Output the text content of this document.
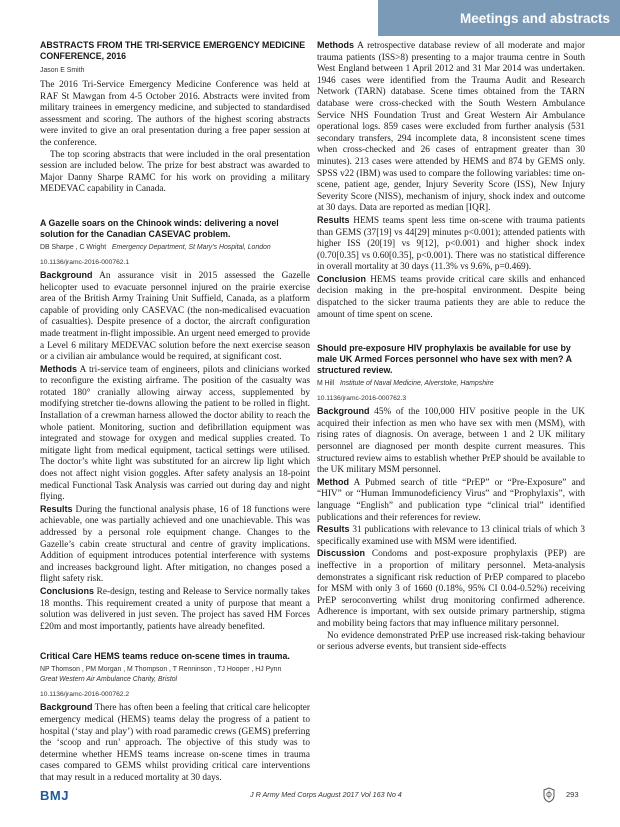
Meetings and abstracts
ABSTRACTS FROM THE TRI-SERVICE EMERGENCY MEDICINE CONFERENCE, 2016
Jason E Smith

The 2016 Tri-Service Emergency Medicine Conference was held at RAF St Mawgan from 4-5 October 2016. Abstracts were invited from military trainees in emergency medicine, and subjected to standardised assessment and scoring. The authors of the highest scoring abstracts were invited to give an oral presentation during a free paper session at the conference.

The top scoring abstracts that were included in the oral presentation session are included below. The prize for best abstract was awarded to Major Danny Sharpe RAMC for his work on providing a military MEDEVAC capability in Canada.

A Gazelle soars on the Chinook winds: delivering a novel solution for the Canadian CASEVAC problem.
DB Sharpe , C Wright Emergency Department, St Mary’s Hospital, London
10.1136/jramc-2016-000762.1

Background An assurance visit in 2015 assessed the Gazelle helicopter used to evacuate personnel injured on the prairie exercise area of the British Army Training Unit Suffield, Canada, as a platform capable of providing only CASEVAC (the non-medicalised evacuation of casualties). Despite presence of a doctor, the aircraft configuration made treatment in-flight impossible. An urgent need emerged to provide a Level 6 military MEDEVAC solution before the next exercise season or a civilian air ambulance would be required, at significant cost.

Methods A tri-service team of engineers, pilots and clinicians worked to reconfigure the existing airframe. The position of the casualty was rotated 180° cranially allowing airway access, supplemented by modifying stretcher tie-downs allowing the patient to be rolled in flight. Installation of a crewman harness allowed the doctor ability to reach the whole patient. Monitoring, suction and defibrillation equipment was integrated and stowage for oxygen and medical supplies created. To mitigate light from medical equipment, tactical settings were utilised. The doctor’s white light was substituted for an aircrew lip light which does not affect night vision goggles. After safety analysis an 18-point medical Functional Task Analysis was carried out during day and night flying.

Results During the functional analysis phase, 16 of 18 functions were achievable, one was partially achieved and one unachievable. This was addressed by a personal role equipment change. Changes to the Gazelle’s cabin create structural and centre of gravity implications. Addition of equipment introduces potential interference with systems and increases background light. After mitigation, no changes posed a flight safety risk.

Conclusions Re-design, testing and Release to Service normally takes 18 months. This requirement created a unity of purpose that meant a solution was delivered in just seven. The project has saved HM Forces £20m and most importantly, patients have already benefited.

Critical Care HEMS teams reduce on-scene times in trauma.
NP Thomson , PM Morgan , M Thompson , T Renninson , TJ Hooper , HJ Pynn
Great Western Air Ambulance Charity, Bristol
10.1136/jramc-2016-000762.2

Background There has often been a feeling that critical care helicopter emergency medical (HEMS) teams delay the progress of a patient to hospital (‘stay and play’) with road paramedic crews (GEMS) preferring the ‘scoop and run’ approach. The objective of this study was to determine whether HEMS teams increase on-scene times in trauma cases compared to GEMS whilst providing critical care interventions that may result in a reduced mortality at 30 days.

Methods A retrospective database review of all moderate and major trauma patients (ISS>8) presenting to a major trauma centre in South West England between 1 April 2012 and 31 Mar 2014 was undertaken. 1946 cases were identified from the Trauma Audit and Research Network (TARN) database. Scene times obtained from the TARN database were cross-checked with the South Western Ambulance Service NHS Foundation Trust and Great Western Air Ambulance operational logs. 859 cases were excluded from further analysis (531 secondary transfers, 294 incomplete data, 8 inconsistent scene times when cross-checked and 26 cases of entrapment greater than 30 minutes). 213 cases were attended by HEMS and 874 by GEMS only. SPSS v22 (IBM) was used to compare the following variables: time on-scene, patient age, gender, Injury Severity Score (ISS), New Injury Severity Score (NISS), mechanism of injury, shock index and outcome at 30 days. Data are reported as median [IQR].

Results HEMS teams spent less time on-scene with trauma patients than GEMS (37[19] vs 44[29] minutes p<0.001); attended patients with higher ISS (20[19] vs 9[12], p<0.001) and higher shock index (0.70[0.35] vs 0.60[0.35], p<0.001). There was no statistical difference in overall mortality at 30 days (11.3% vs 9.6%, p=0.469).

Conclusion HEMS teams provide critical care skills and enhanced decision making in the pre-hospital environment. Despite being dispatched to the sicker trauma patients they are able to reduce the amount of time spent on scene.

Should pre-exposure HIV prophylaxis be available for use by male UK Armed Forces personnel who have sex with men? A structured review.
M Hill Institute of Naval Medicine, Alverstoke, Hampshire
10.1136/jramc-2016-000762.3

Background 45% of the 100,000 HIV positive people in the UK acquired their infection as men who have sex with men (MSM), with rising rates of diagnosis. On average, between 1 and 2 UK military personnel are diagnosed per month despite current measures. This structured review aims to establish whether PrEP should be available to the UK military MSM personnel.

Method A Pubmed search of title “PrEP” or “Pre-Exposure” and “HIV” or “Human Immunodeficiency Virus” and “Prophylaxis”, with language “English” and publication type “clinical trial” identified publications and their references for review.

Results 31 publications with relevance to 13 clinical trials of which 3 specifically examined use with MSM were identified.

Discussion Condoms and post-exposure prophylaxis (PEP) are ineffective in a proportion of military personnel. Meta-analysis demonstrates a significant risk reduction of PrEP compared to placebo for MSM with only 3 of 1660 (0.18%, 95% CI 0.04-0.52%) receiving PrEP seroconverting whilst drug monitoring confirmed adherence. Adherence is important, with sex outside primary partnership, stigma and mobility being factors that may influence military personnel.

No evidence demonstrated PrEP use increased risk-taking behaviour or serious adverse events, but transient side-effects

BMJ	J R Army Med Corps August 2017 Vol 163 No 4	293
